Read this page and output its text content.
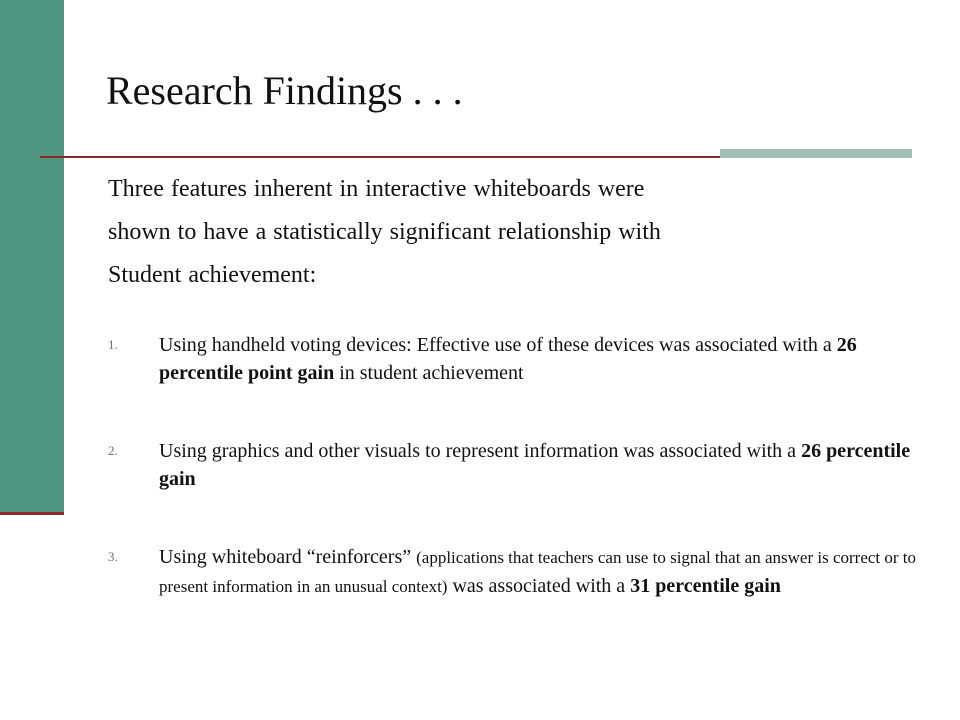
Research Findings . . .

Three features inherent in interactive whiteboards were

shown to have a statistically significant relationship with

Student achievement:

1. Using handheld voting devices: Effective use of these devices was associated with a 26 percentile point gain in student achievement
2. Using graphics and other visuals to represent information was associated with a 26 percentile gain
3. Using whiteboard “reinforcers” (applications that teachers can use to signal that an answer is correct or to present information in an unusual context) was associated with a 31 percentile gain
